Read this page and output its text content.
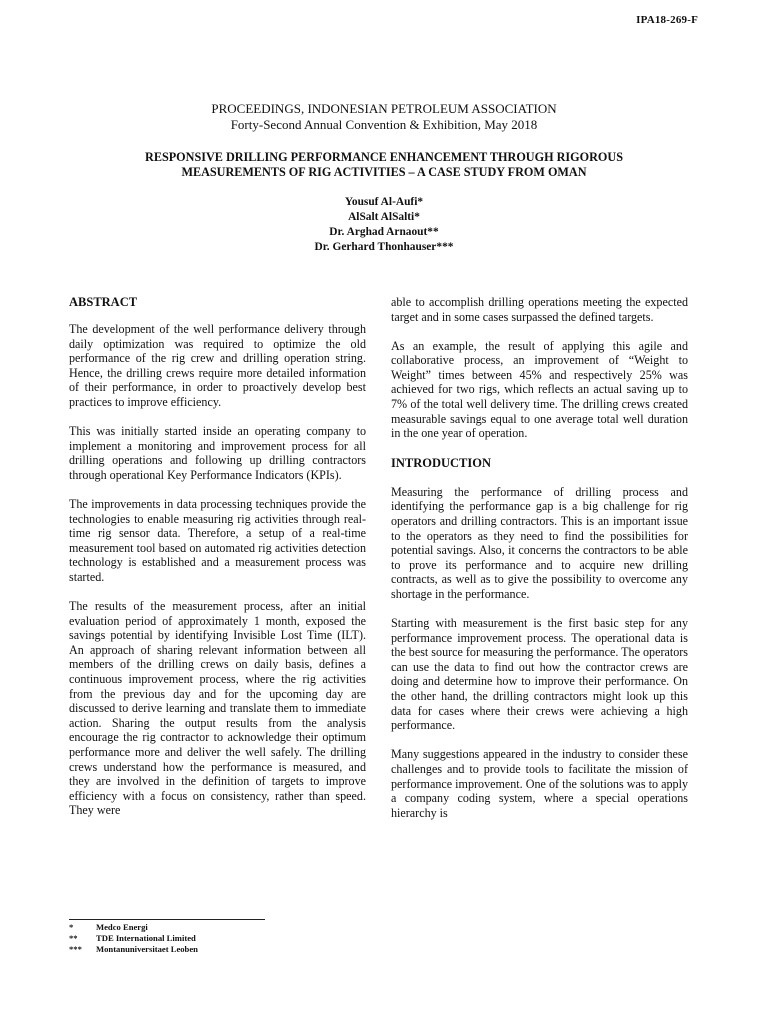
IPA18-269-F
PROCEEDINGS, INDONESIAN PETROLEUM ASSOCIATION
Forty-Second Annual Convention & Exhibition, May 2018
RESPONSIVE DRILLING PERFORMANCE ENHANCEMENT THROUGH RIGOROUS
MEASUREMENTS OF RIG ACTIVITIES – A CASE STUDY FROM OMAN
Yousuf Al-Aufi*
AlSalt AlSalti*
Dr. Arghad Arnaout**
Dr. Gerhard Thonhauser***
ABSTRACT

The development of the well performance delivery through daily optimization was required to optimize the old performance of the rig crew and drilling operation string. Hence, the drilling crews require more detailed information of their performance, in order to proactively develop best practices to improve efficiency.

This was initially started inside an operating company to implement a monitoring and improvement process for all drilling operations and following up drilling contractors through operational Key Performance Indicators (KPIs).

The improvements in data processing techniques provide the technologies to enable measuring rig activities through real-time rig sensor data. Therefore, a setup of a real-time measurement tool based on automated rig activities detection technology is established and a measurement process was started.

The results of the measurement process, after an initial evaluation period of approximately 1 month, exposed the savings potential by identifying Invisible Lost Time (ILT). An approach of sharing relevant information between all members of the drilling crews on daily basis, defines a continuous improvement process, where the rig activities from the previous day and for the upcoming day are discussed to derive learning and translate them to immediate action. Sharing the output results from the analysis encourage the rig contractor to acknowledge their optimum performance more and deliver the well safely. The drilling crews understand how the performance is measured, and they are involved in the definition of targets to improve efficiency with a focus on consistency, rather than speed. They were

able to accomplish drilling operations meeting the expected target and in some cases surpassed the defined targets.

As an example, the result of applying this agile and collaborative process, an improvement of “Weight to Weight” times between 45% and respectively 25% was achieved for two rigs, which reflects an actual saving up to 7% of the total well delivery time. The drilling crews created measurable savings equal to one average total well duration in the one year of operation.

INTRODUCTION

Measuring the performance of drilling process and identifying the performance gap is a big challenge for rig operators and drilling contractors. This is an important issue to the operators as they need to find the possibilities for potential savings. Also, it concerns the contractors to be able to prove its performance and to acquire new drilling contracts, as well as to give the possibility to overcome any shortage in the performance.

Starting with measurement is the first basic step for any performance improvement process. The operational data is the best source for measuring the performance. The operators can use the data to find out how the contractor crews are doing and determine how to improve their performance. On the other hand, the drilling contractors might look up this data for cases where their crews were achieving a high performance.

Many suggestions appeared in the industry to consider these challenges and to provide tools to facilitate the mission of performance improvement. One of the solutions was to apply a company coding system, where a special operations hierarchy is

*	Medco Energi
**	TDE International Limited
***	Montanuniversitaet Leoben
